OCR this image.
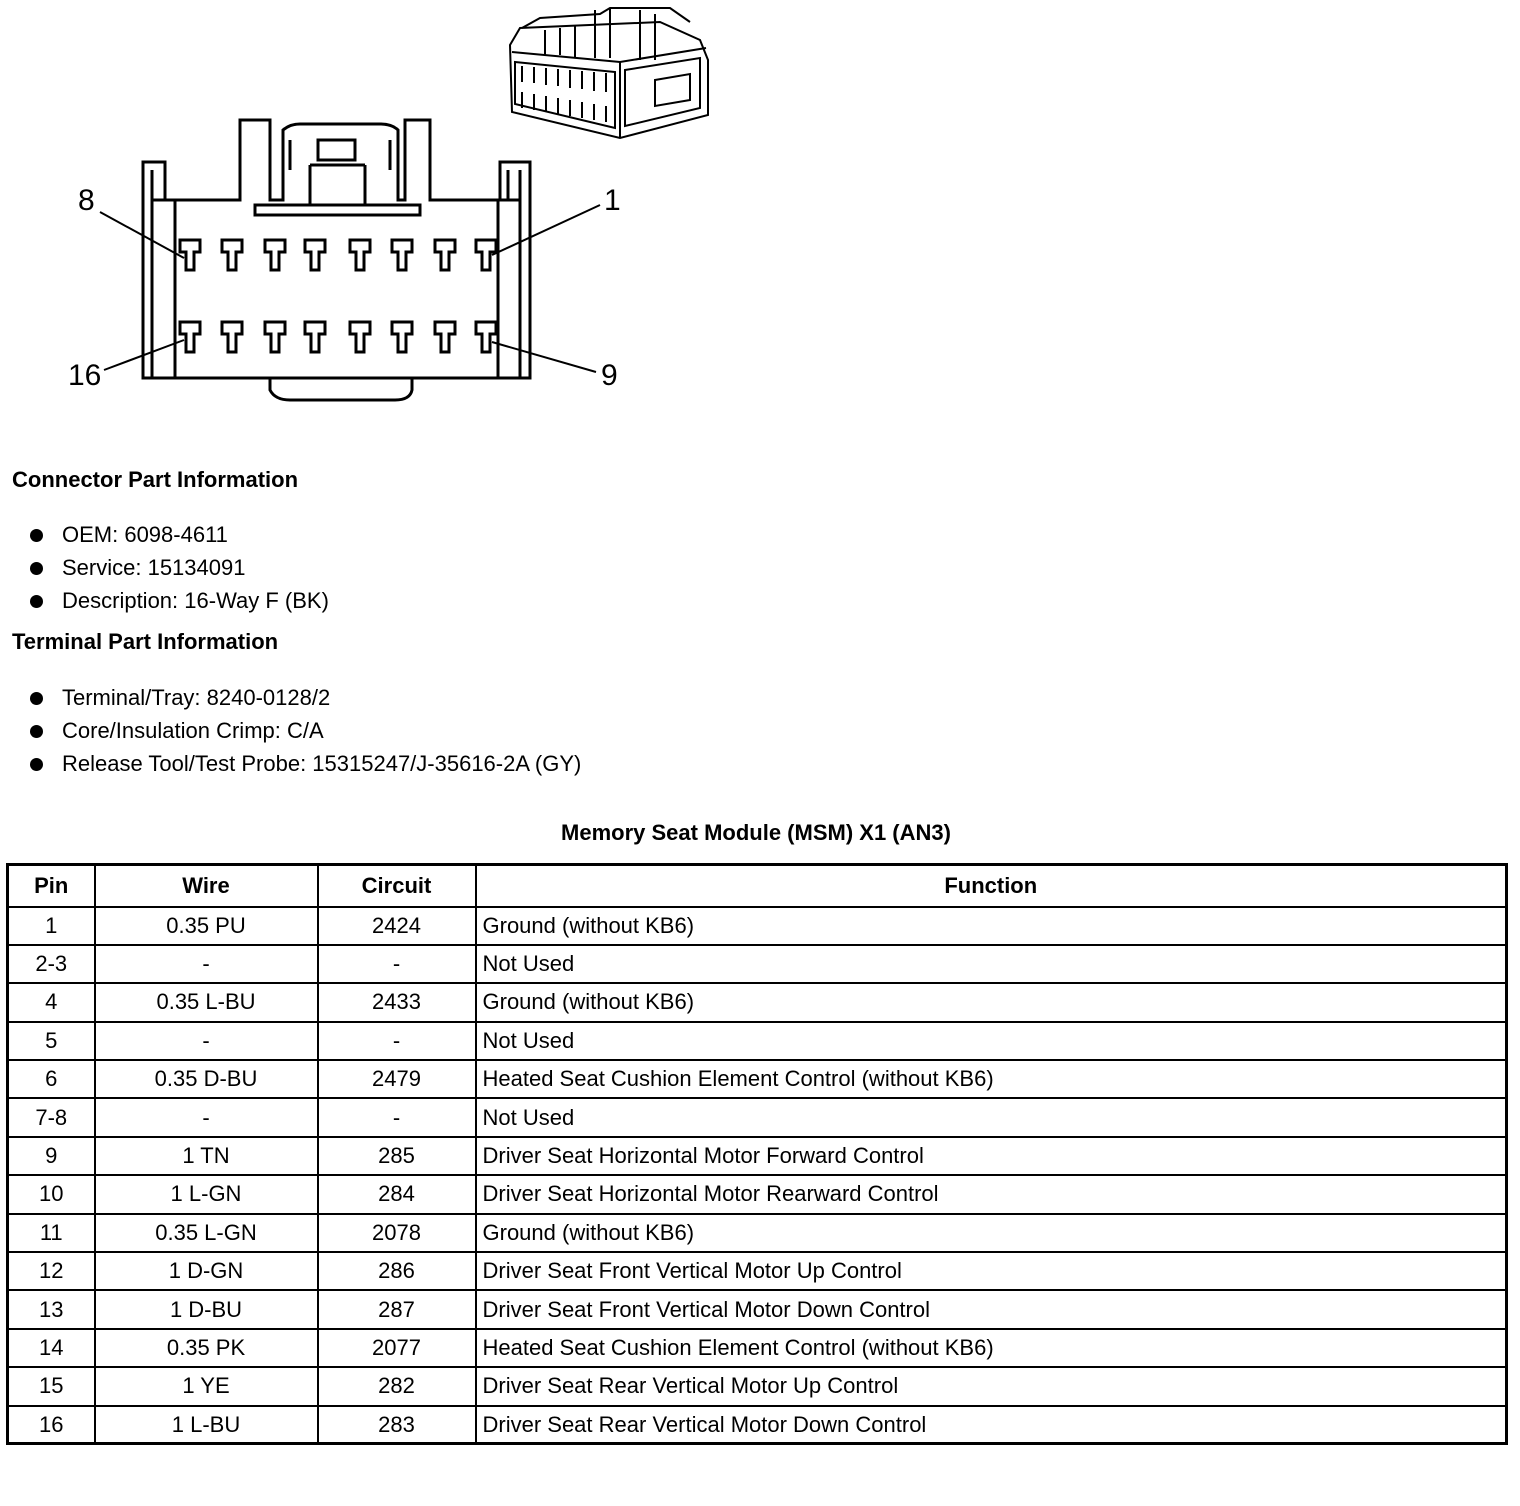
8	1
16	9
Connector Part Information
OEM: 6098-4611
Service: 15134091
Description: 16-Way F (BK)
Terminal Part Information
Terminal/Tray: 8240-0128/2
Core/Insulation Crimp: C/A
Release Tool/Test Probe: 15315247/J-35616-2A (GY)
Memory Seat Module (MSM) X1 (AN3)
Pin	Wire	Circuit	Function
1	0.35 PU	2424	Ground (without KB6)
2-3	-	-	Not Used
4	0.35 L-BU	2433	Ground (without KB6)
5	-	-	Not Used
6	0.35 D-BU	2479	Heated Seat Cushion Element Control (without KB6)
7-8	-	-	Not Used
9	1 TN	285	Driver Seat Horizontal Motor Forward Control
10	1 L-GN	284	Driver Seat Horizontal Motor Rearward Control
11	0.35 L-GN	2078	Ground (without KB6)
12	1 D-GN	286	Driver Seat Front Vertical Motor Up Control
13	1 D-BU	287	Driver Seat Front Vertical Motor Down Control
14	0.35 PK	2077	Heated Seat Cushion Element Control (without KB6)
15	1 YE	282	Driver Seat Rear Vertical Motor Up Control
16	1 L-BU	283	Driver Seat Rear Vertical Motor Down Control
